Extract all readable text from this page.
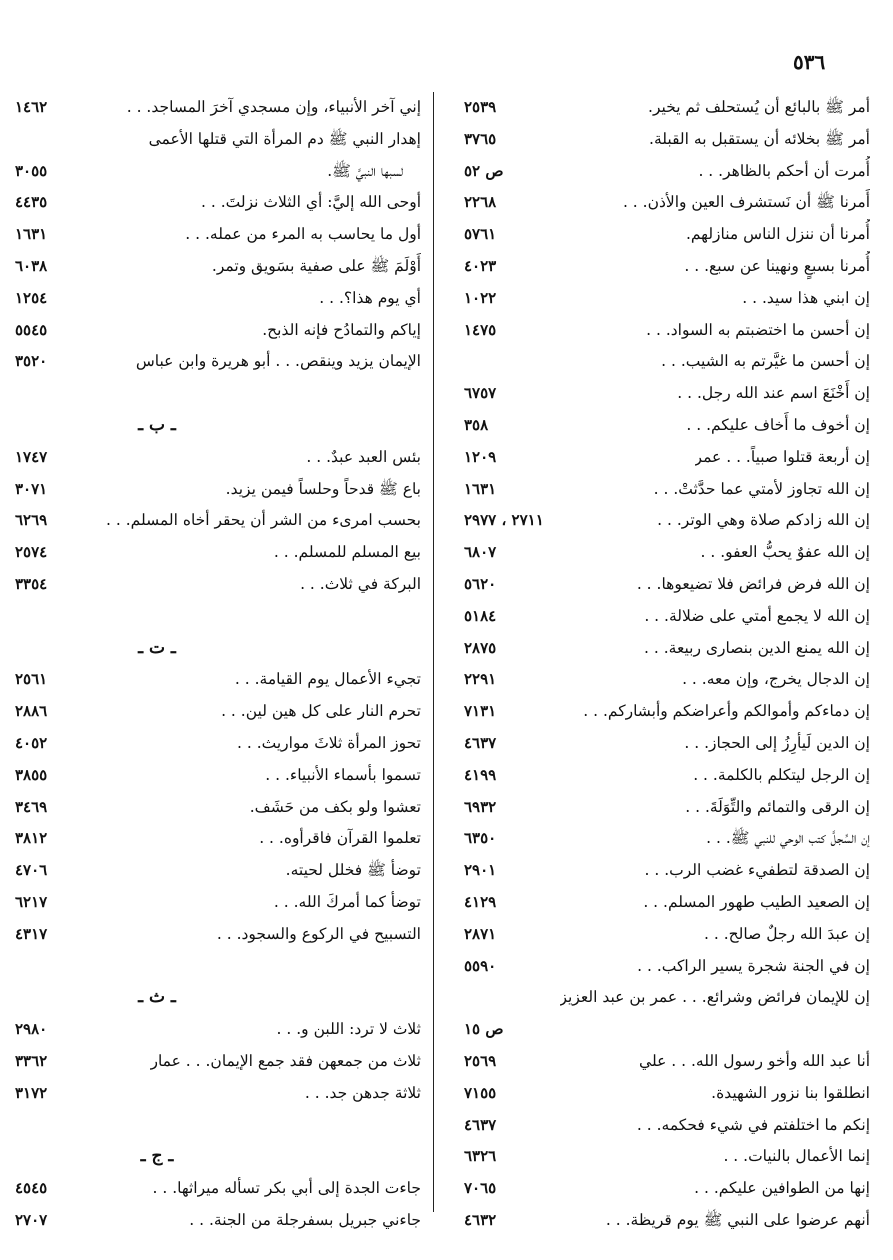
٥٣٦
أمر ﷺ بالبائع أن يُستحلف ثم يخير.
٢٥٣٩
أمر ﷺ بخلائه أن يستقبل به القبلة.
٣٧٦٥
أُمرت أن أحكم بالظاهر. . .
ص ٥٢
أَمرنا ﷺ أن نَستشرف العين والأذن. . .
٢٢٦٨
أُمرنا أن ننزل الناس منازلهم.
٥٧٦١
أُمرنا بسبعٍ ونهينا عن سبع. . .
٤٠٢٣
إن ابني هذا سيد. . .
١٠٢٢
إن أحسن ما اختضبتم به السواد. . .
١٤٧٥
إن أحسن ما غيَّرتم به الشيب. . .
إن أَخْنَعَ اسم عند الله رجل. . .
٦٧٥٧
إن أخوف ما أَخاف عليكم. . .
٣٥٨
إن أربعة قتلوا صبياً. . . عمر
١٢٠٩
إن الله تجاوز لأمتي عما حدَّثتْ. . .
١٦٣١
إن الله زادكم صلاة وهي الوتر. . .
٢٧١١ ، ٢٩٧٧
إن الله عفوٌ يحبُّ العفو. . .
٦٨٠٧
إن الله فرض فرائض فلا تضيعوها. . .
٥٦٢٠
إن الله لا يجمع أمتي على ضلالة. . .
٥١٨٤
إن الله يمنع الدين بنصارى ربيعة. . .
٢٨٧٥
إن الدجال يخرج، وإن معه. . .
٢٢٩١
إن دماءكم وأموالكم وأعراضكم وأبشاركم. . .
٧١٣١
إن الدين لَيأرِزُ إلى الحجاز. . .
٤٦٣٧
إن الرجل ليتكلم بالكلمة. . .
٤١٩٩
إن الرقى والتمائم والتِّوَلَةَ. . .
٦٩٣٢
إن السِّجلَّ كتب الوحي للنبي ﷺ. . .
٦٣٥٠
إن الصدقة لتطفيء غضب الرب. . .
٢٩٠١
إن الصعيد الطيب طهور المسلم. . .
٤١٢٩
إن عبدَ الله رجلٌ صالح. . .
٢٨٧١
إن في الجنة شجرة يسير الراكب. . .
٥٥٩٠
إن للإيمان فرائض وشرائع. . . عمر بن عبد العزيز
ص ١٥
أنا عبد الله وأخو رسول الله. . . علي
٢٥٦٩
انطلقوا بنا نزور الشهيدة.
٧١٥٥
إنكم ما اختلفتم في شيء فحكمه. . .
٤٦٣٧
إنما الأعمال بالنيات. . .
٦٣٢٦
إنها من الطوافين عليكم. . .
٧٠٦٥
أنهم عرضوا على النبي ﷺ يوم قريظة. . .
٤٦٣٢
إني آخر الأنبياء، وإن مسجدي آخرَ المساجد. . .
١٤٦٢
إهدار النبي ﷺ دم المرأة التي قتلها الأعمى
لسبها النبيَّ ﷺ.
٣٠٥٥
أوحى الله إليَّ: أي الثلاث نزلتَ. . .
٤٤٣٥
أول ما يحاسب به المرء من عمله. . .
١٦٣١
أَوْلَمَ ﷺ على صفية بسَويق وتمر.
٦٠٣٨
أي يوم هذا؟. . .
١٢٥٤
إياكم والتمادُح فإنه الذبح.
٥٥٤٥
الإيمان يزيد وينقص. . . أبو هريرة وابن عباس
٣٥٢٠
ـ ب ـ
بئس العبد عبدٌ. . .
١٧٤٧
باع ﷺ قدحاً وحلساً فيمن يزيد.
٣٠٧١
بحسب امرىء من الشر أن يحقر أخاه المسلم. . .
٦٢٦٩
بيع المسلم للمسلم. . .
٢٥٧٤
البركة في ثلاث. . .
٣٣٥٤
ـ ت ـ
تجيء الأعمال يوم القيامة. . .
٢٥٦١
تحرم النار على كل هين لين. . .
٢٨٨٦
تحوز المرأة ثلاثَ مواريث. . .
٤٠٥٢
تسموا بأسماء الأنبياء. . .
٣٨٥٥
تعشوا ولو بكف من حَشَف.
٣٤٦٩
تعلموا القرآن فاقرأوه. . .
٣٨١٢
توضأ ﷺ فخلل لحيته.
٤٧٠٦
توضأ كما أمركَ الله. . .
٦٢١٧
التسبيح في الركوع والسجود. . .
٤٣١٧
ـ ث ـ
ثلاث لا ترد: اللبن و. . .
٢٩٨٠
ثلاث من جمعهن فقد جمع الإيمان. . . عمار
٣٣٦٢
ثلاثة جدهن جد. . .
٣١٧٢
ـ ج ـ
جاءت الجدة إلى أبي بكر تسأله ميراثها. . .
٤٥٤٥
جاءني جبريل بسفرجلة من الجنة. . .
٢٧٠٧
